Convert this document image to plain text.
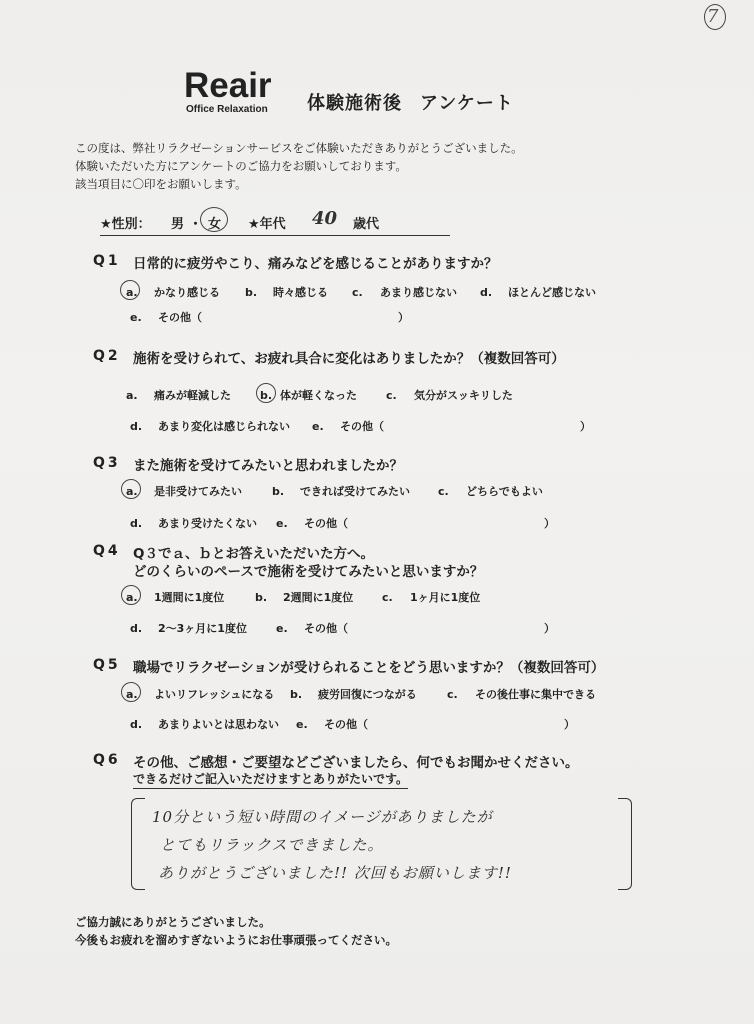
7
Reair
Office Relaxation 体験施術後 アンケート
この度は、弊社リラクゼーションサービスをご体験いただきありがとうございました。
体験いただいた方にアンケートのご協力をお願いしております。
該当項目に〇印をお願いします。
★性別： 男 ・ 女 ★年代 40 歳代
Q1 日常的に疲労やこり、痛みなどを感じることがありますか？
a. かなり感じる b. 時々感じる c. あまり感じない d. ほとんど感じない
e. その他（	）
Q2 施術を受けられて、お疲れ具合に変化はありましたか？（複数回答可）
a. 痛みが軽減した	b. 体が軽くなった	c. 気分がスッキリした
d. あまり変化は感じられない e. その他（	）
Q3 また施術を受けてみたいと思われましたか？
a. 是非受けてみたい	b. できれば受けてみたい	c. どちらでもよい
d. あまり受けたくない e. その他（	）
Q4 Q３でａ、ｂとお答えいただいた方へ。
どのくらいのペースで施術を受けてみたいと思いますか？
a. 1週間に1度位	b. 2週間に1度位	c. 1ヶ月に1度位
d. 2〜3ヶ月に1度位	e. その他（	）
Q5 職場でリラクゼーションが受けられることをどう思いますか？（複数回答可）
a. よいリフレッシュになる b. 疲労回復につながる	c. その後仕事に集中できる
d. あまりよいとは思わない e. その他（	）
Q6 その他、ご感想・ご要望などございましたら、何でもお聞かせください。
できるだけご記入いただけますとありがたいです。
10分という短い時間のイメージがありましたが
とてもリラックスできました。
ありがとうございました!! 次回もお願いします!!
ご協力誠にありがとうございました。
今後もお疲れを溜めすぎないようにお仕事頑張ってください。
